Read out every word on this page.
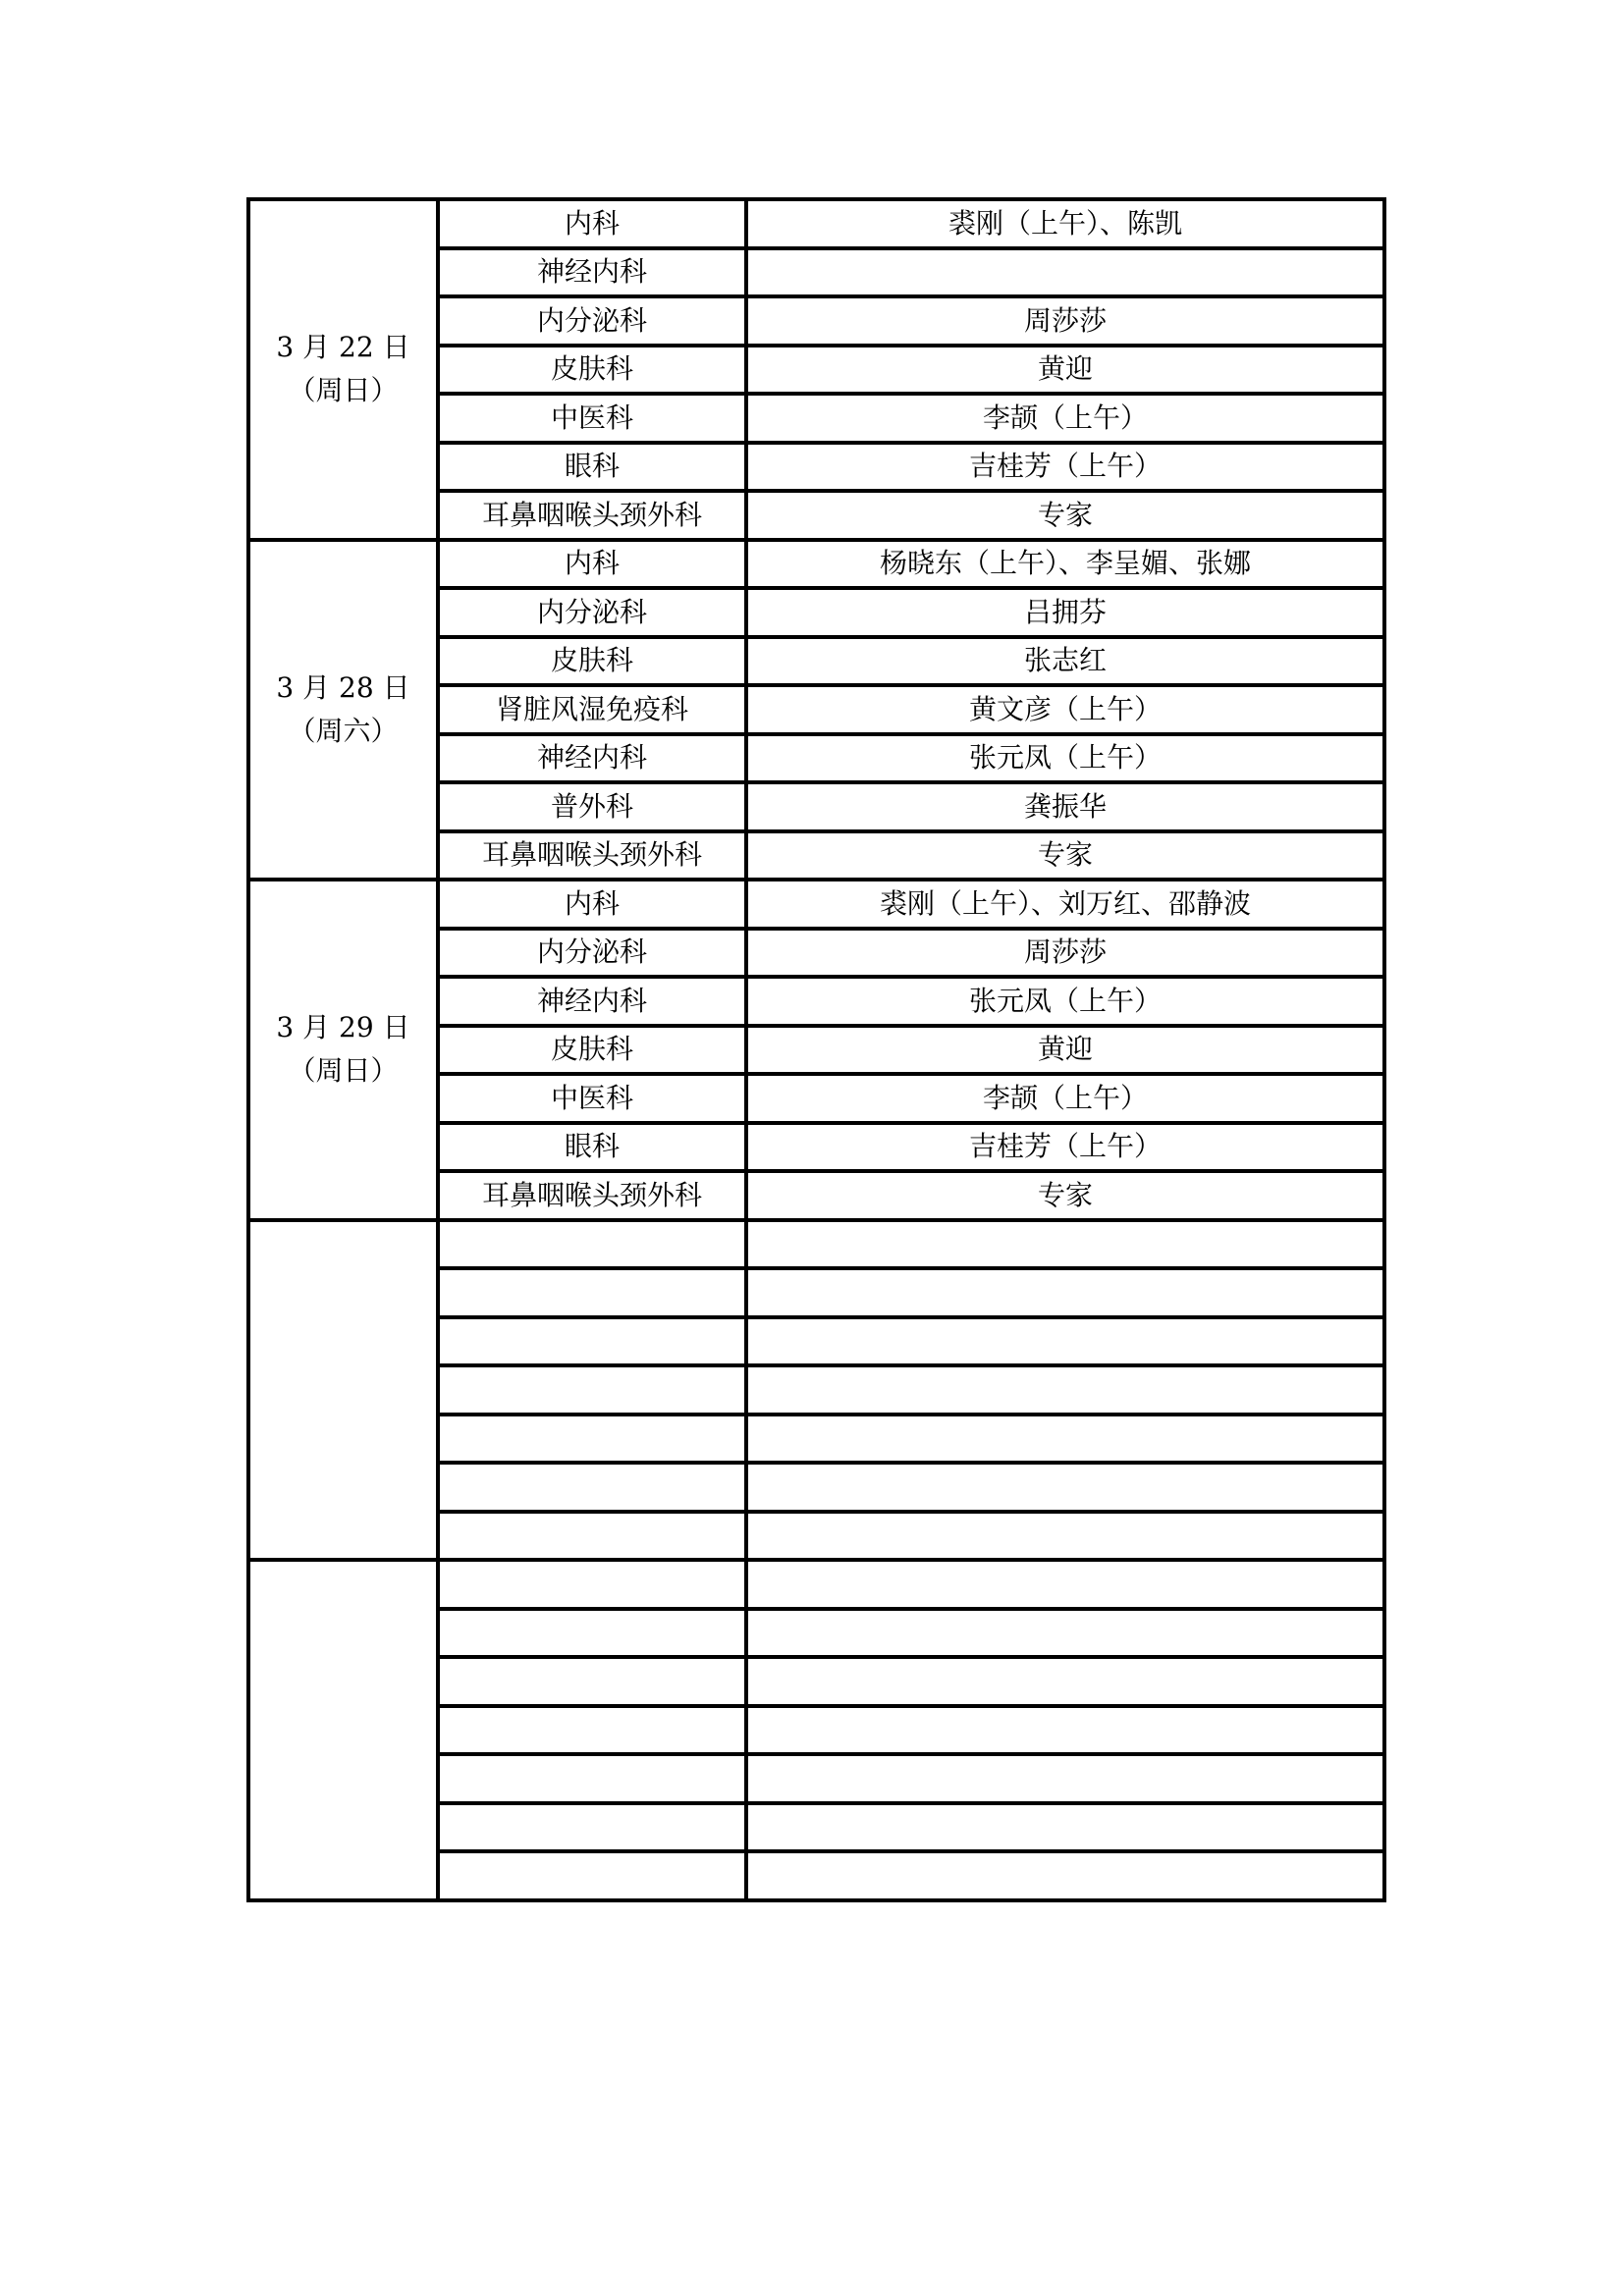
3 月 22 日
（周日）	内科	裘刚（上午）、陈凯
	神经内科	
	内分泌科	周莎莎
	皮肤科	黄迎
	中医科	李颉（上午）
	眼科	吉桂芳（上午）
	耳鼻咽喉头颈外科	专家

3 月 28 日
（周六）	内科	杨晓东（上午）、李呈媚、张娜
	内分泌科	吕拥芬
	皮肤科	张志红
	肾脏风湿免疫科	黄文彦（上午）
	神经内科	张元凤（上午）
	普外科	龚振华
	耳鼻咽喉头颈外科	专家

3 月 29 日
（周日）	内科	裘刚（上午）、刘万红、邵静波
	内分泌科	周莎莎
	神经内科	张元凤（上午）
	皮肤科	黄迎
	中医科	李颉（上午）
	眼科	吉桂芳（上午）
	耳鼻咽喉头颈外科	专家
